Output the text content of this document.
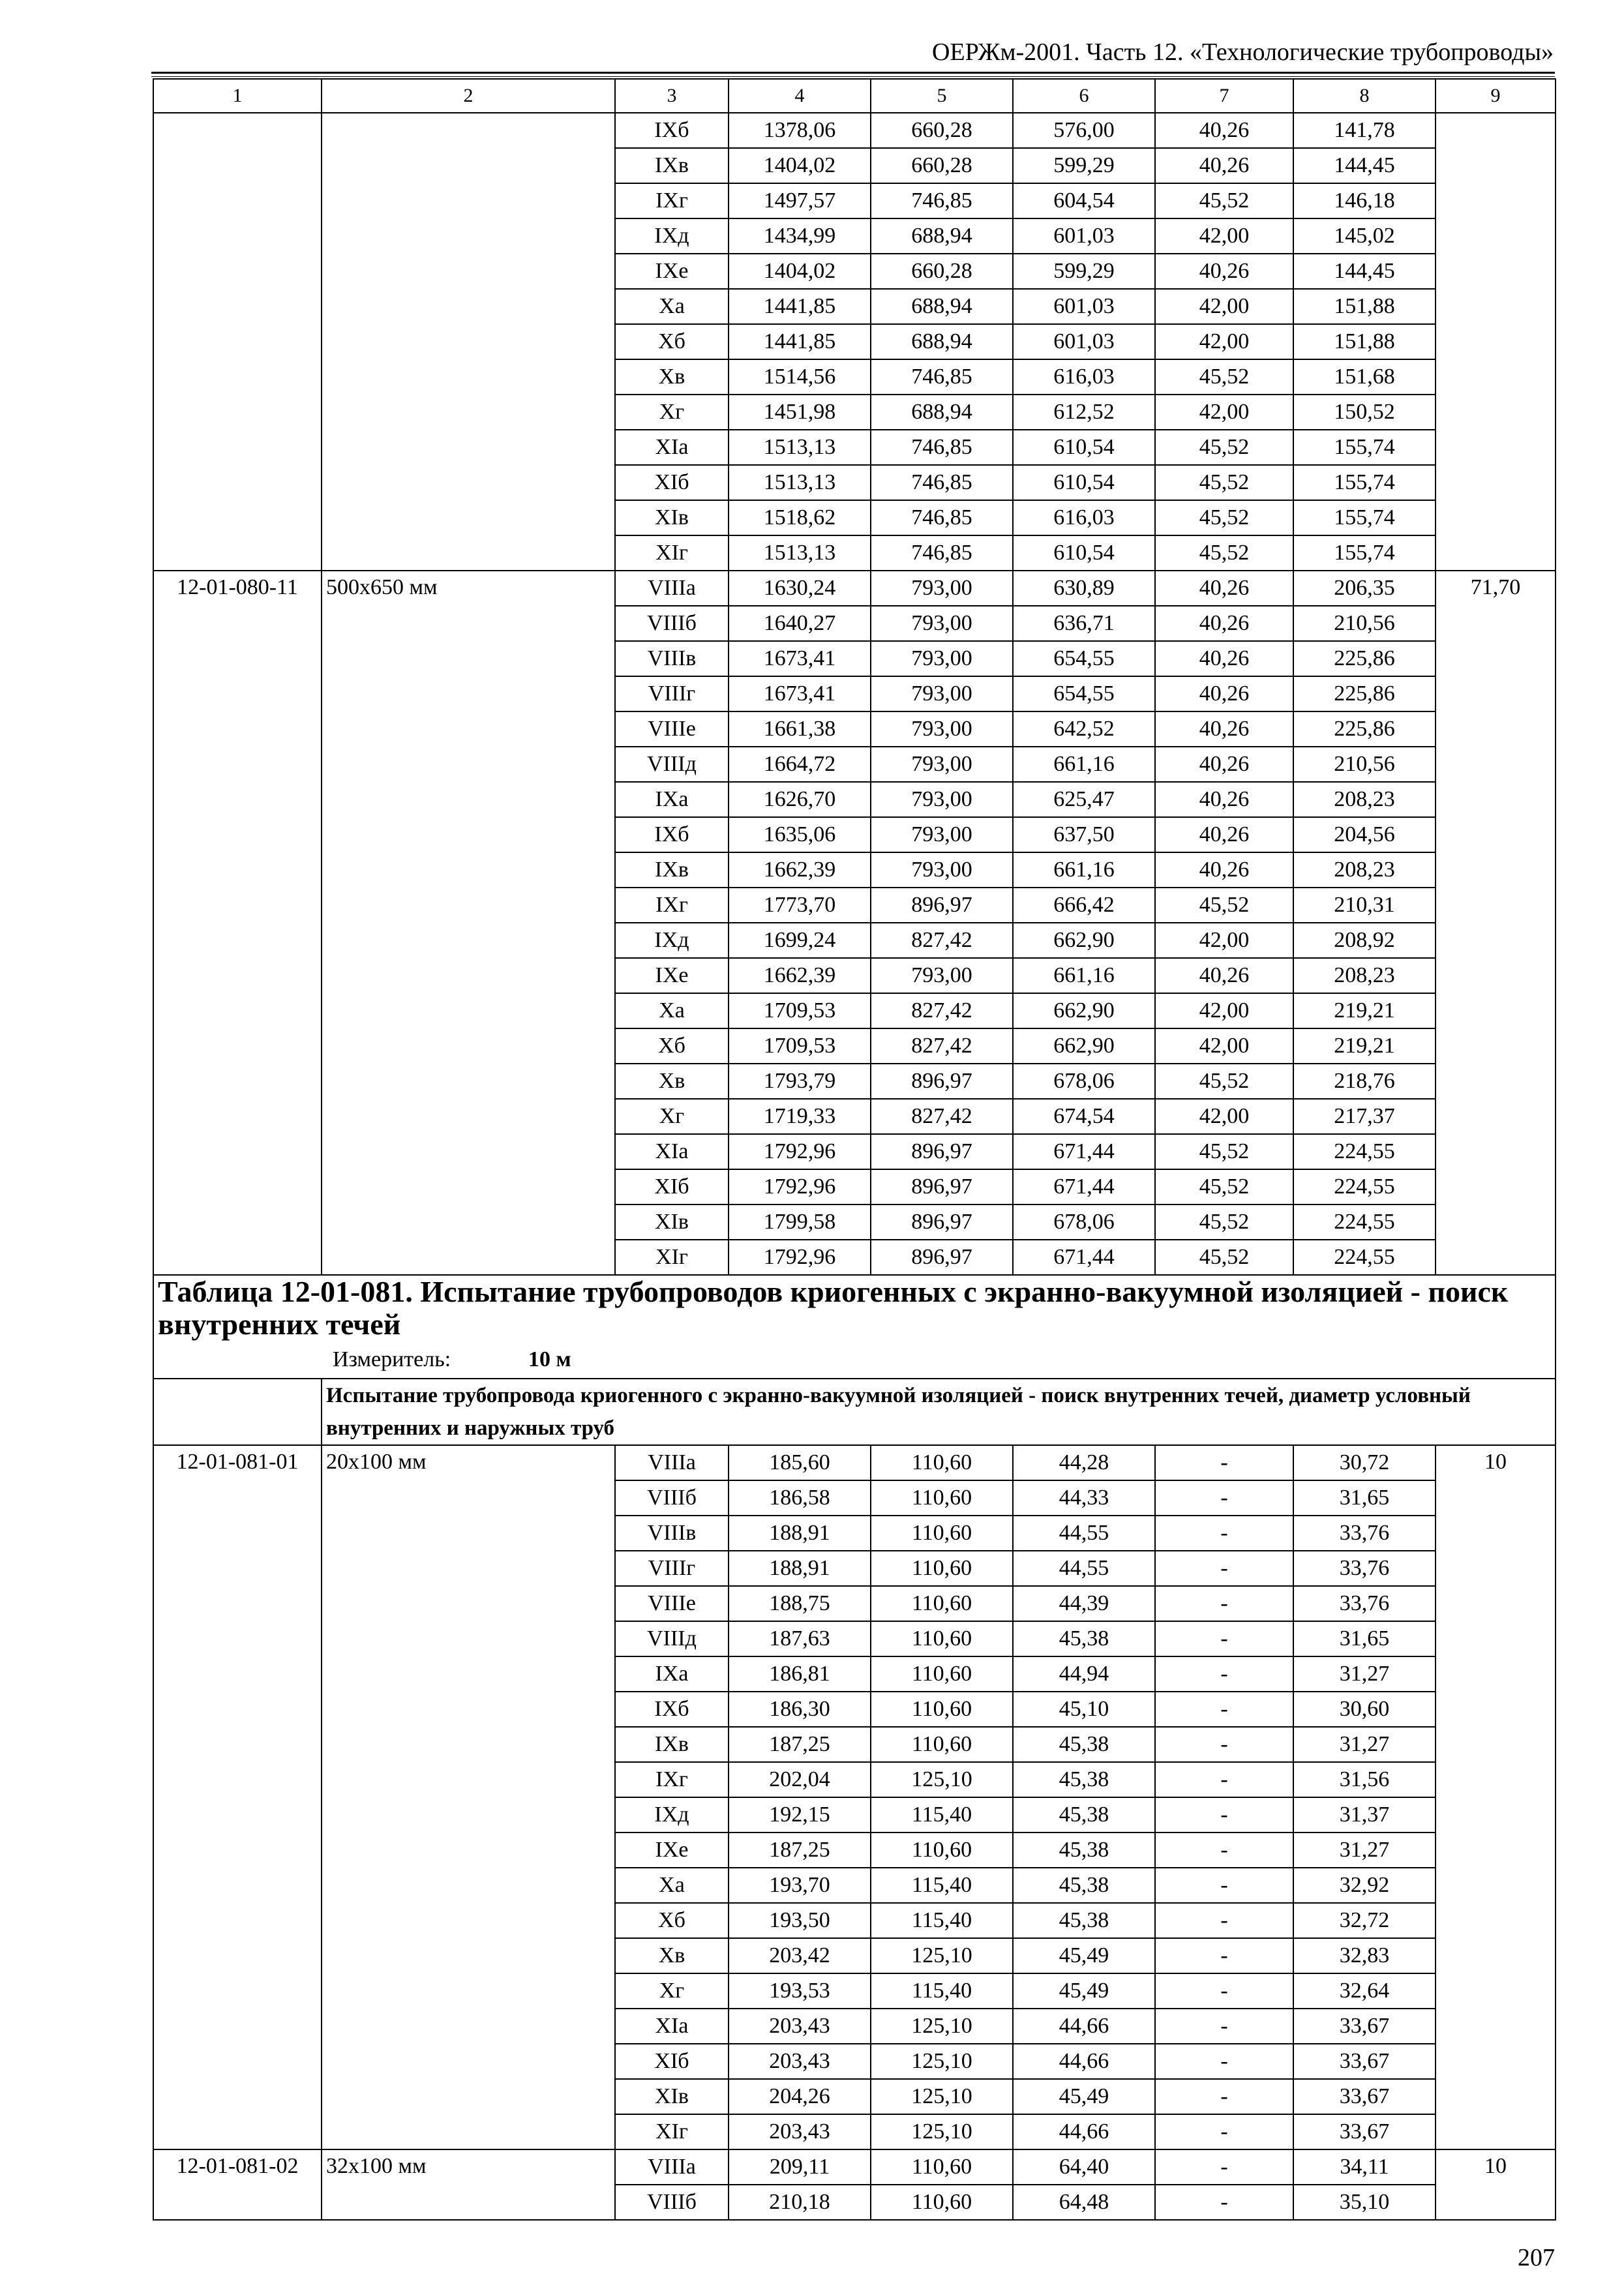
ОЕРЖм-2001. Часть 12. «Технологические трубопроводы»
1	2	3	4	5	6	7	8	9
		IXб	1378,06	660,28	576,00	40,26	141,78	
		IXв	1404,02	660,28	599,29	40,26	144,45	
		IXг	1497,57	746,85	604,54	45,52	146,18	
		IXд	1434,99	688,94	601,03	42,00	145,02	
		IXе	1404,02	660,28	599,29	40,26	144,45	
		Xа	1441,85	688,94	601,03	42,00	151,88	
		Xб	1441,85	688,94	601,03	42,00	151,88	
		Xв	1514,56	746,85	616,03	45,52	151,68	
		Xг	1451,98	688,94	612,52	42,00	150,52	
		XIа	1513,13	746,85	610,54	45,52	155,74	
		XIб	1513,13	746,85	610,54	45,52	155,74	
		XIв	1518,62	746,85	616,03	45,52	155,74	
		XIг	1513,13	746,85	610,54	45,52	155,74	
12-01-080-11	500х650 мм	VIIIа	1630,24	793,00	630,89	40,26	206,35	71,70
		VIIIб	1640,27	793,00	636,71	40,26	210,56	
		VIIIв	1673,41	793,00	654,55	40,26	225,86	
		VIIIг	1673,41	793,00	654,55	40,26	225,86	
		VIIIе	1661,38	793,00	642,52	40,26	225,86	
		VIIIд	1664,72	793,00	661,16	40,26	210,56	
		IXа	1626,70	793,00	625,47	40,26	208,23	
		IXб	1635,06	793,00	637,50	40,26	204,56	
		IXв	1662,39	793,00	661,16	40,26	208,23	
		IXг	1773,70	896,97	666,42	45,52	210,31	
		IXд	1699,24	827,42	662,90	42,00	208,92	
		IXе	1662,39	793,00	661,16	40,26	208,23	
		Xа	1709,53	827,42	662,90	42,00	219,21	
		Xб	1709,53	827,42	662,90	42,00	219,21	
		Xв	1793,79	896,97	678,06	45,52	218,76	
		Xг	1719,33	827,42	674,54	42,00	217,37	
		XIа	1792,96	896,97	671,44	45,52	224,55	
		XIб	1792,96	896,97	671,44	45,52	224,55	
		XIв	1799,58	896,97	678,06	45,52	224,55	
		XIг	1792,96	896,97	671,44	45,52	224,55	
Таблица 12-01-081. Испытание трубопроводов криогенных с экранно-вакуумной изоляцией - поиск внутренних течей								

Измеритель: 10 м								

	Испытание трубопровода криогенного с экранно-вакуумной изоляцией - поиск внутренних течей, диаметр условный внутренних и наружных труб							
12-01-081-01	20х100 мм	VIIIа	185,60	110,60	44,28	-	30,72	10
		VIIIб	186,58	110,60	44,33	-	31,65	
		VIIIв	188,91	110,60	44,55	-	33,76	
		VIIIг	188,91	110,60	44,55	-	33,76	
		VIIIе	188,75	110,60	44,39	-	33,76	
		VIIIд	187,63	110,60	45,38	-	31,65	
		IXа	186,81	110,60	44,94	-	31,27	
		IXб	186,30	110,60	45,10	-	30,60	
		IXв	187,25	110,60	45,38	-	31,27	
		IXг	202,04	125,10	45,38	-	31,56	
		IXд	192,15	115,40	45,38	-	31,37	
		IXе	187,25	110,60	45,38	-	31,27	
		Xа	193,70	115,40	45,38	-	32,92	
		Xб	193,50	115,40	45,38	-	32,72	
		Xв	203,42	125,10	45,49	-	32,83	
		Xг	193,53	115,40	45,49	-	32,64	
		XIа	203,43	125,10	44,66	-	33,67	
		XIб	203,43	125,10	44,66	-	33,67	
		XIв	204,26	125,10	45,49	-	33,67	
		XIг	203,43	125,10	44,66	-	33,67	
12-01-081-02	32х100 мм	VIIIа	209,11	110,60	64,40	-	34,11	10
		VIIIб	210,18	110,60	64,48	-	35,10	
207
